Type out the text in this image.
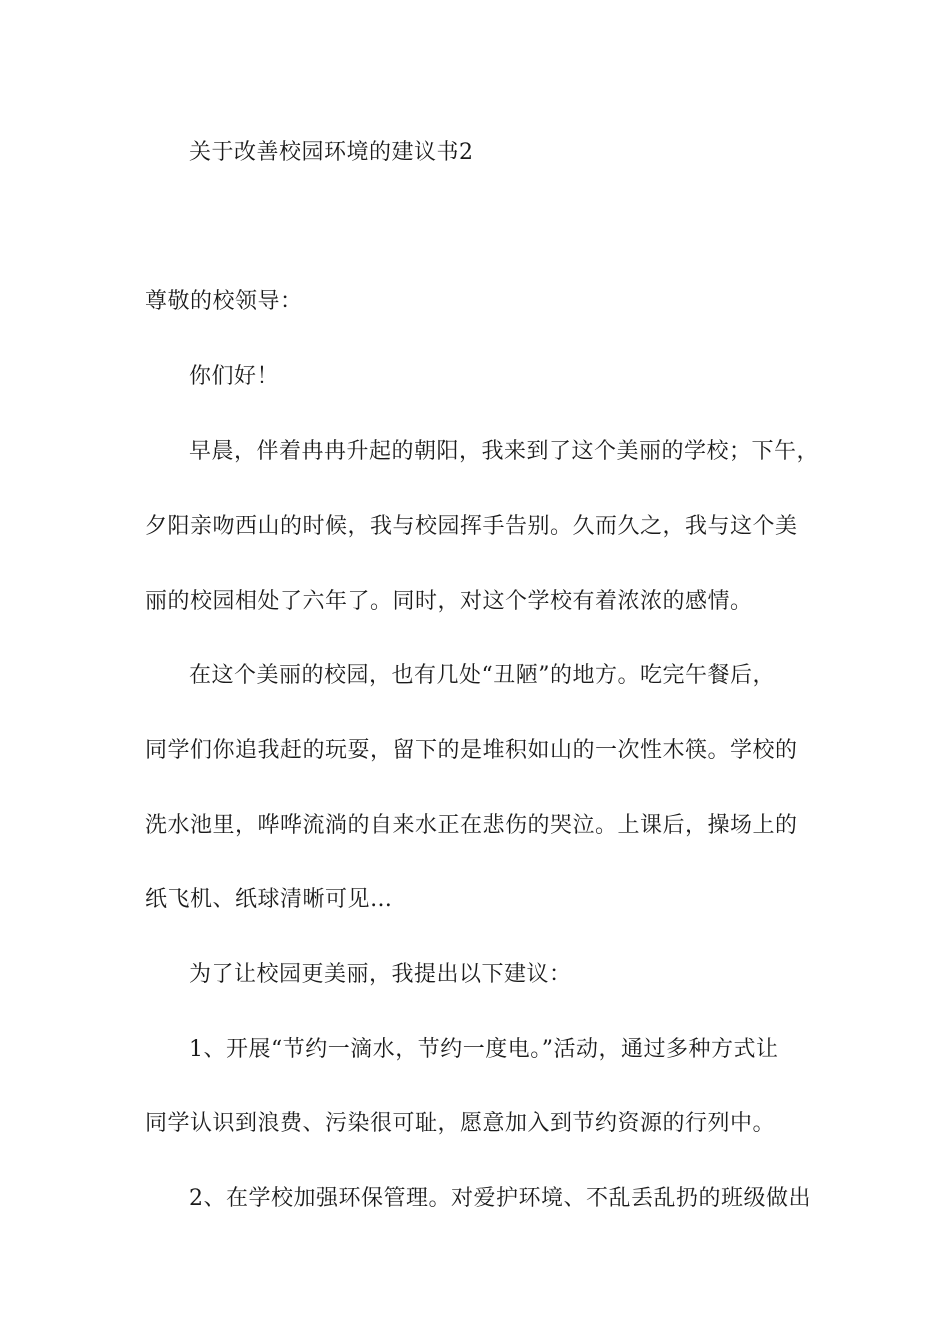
关于改善校园环境的建议书2
尊敬的校领导：
你们好！
早晨，伴着冉冉升起的朝阳，我来到了这个美丽的学校；下午，
夕阳亲吻西山的时候，我与校园挥手告别。久而久之，我与这个美
丽的校园相处了六年了。同时，对这个学校有着浓浓的感情。
在这个美丽的校园，也有几处“丑陋”的地方。吃完午餐后，
同学们你追我赶的玩耍，留下的是堆积如山的一次性木筷。学校的
洗水池里，哗哗流淌的自来水正在悲伤的哭泣。上课后，操场上的
纸飞机、纸球清晰可见…
为了让校园更美丽，我提出以下建议：
1、开展“节约一滴水，节约一度电。”活动，通过多种方式让
同学认识到浪费、污染很可耻，愿意加入到节约资源的行列中。
2、在学校加强环保管理。对爱护环境、不乱丢乱扔的班级做出
